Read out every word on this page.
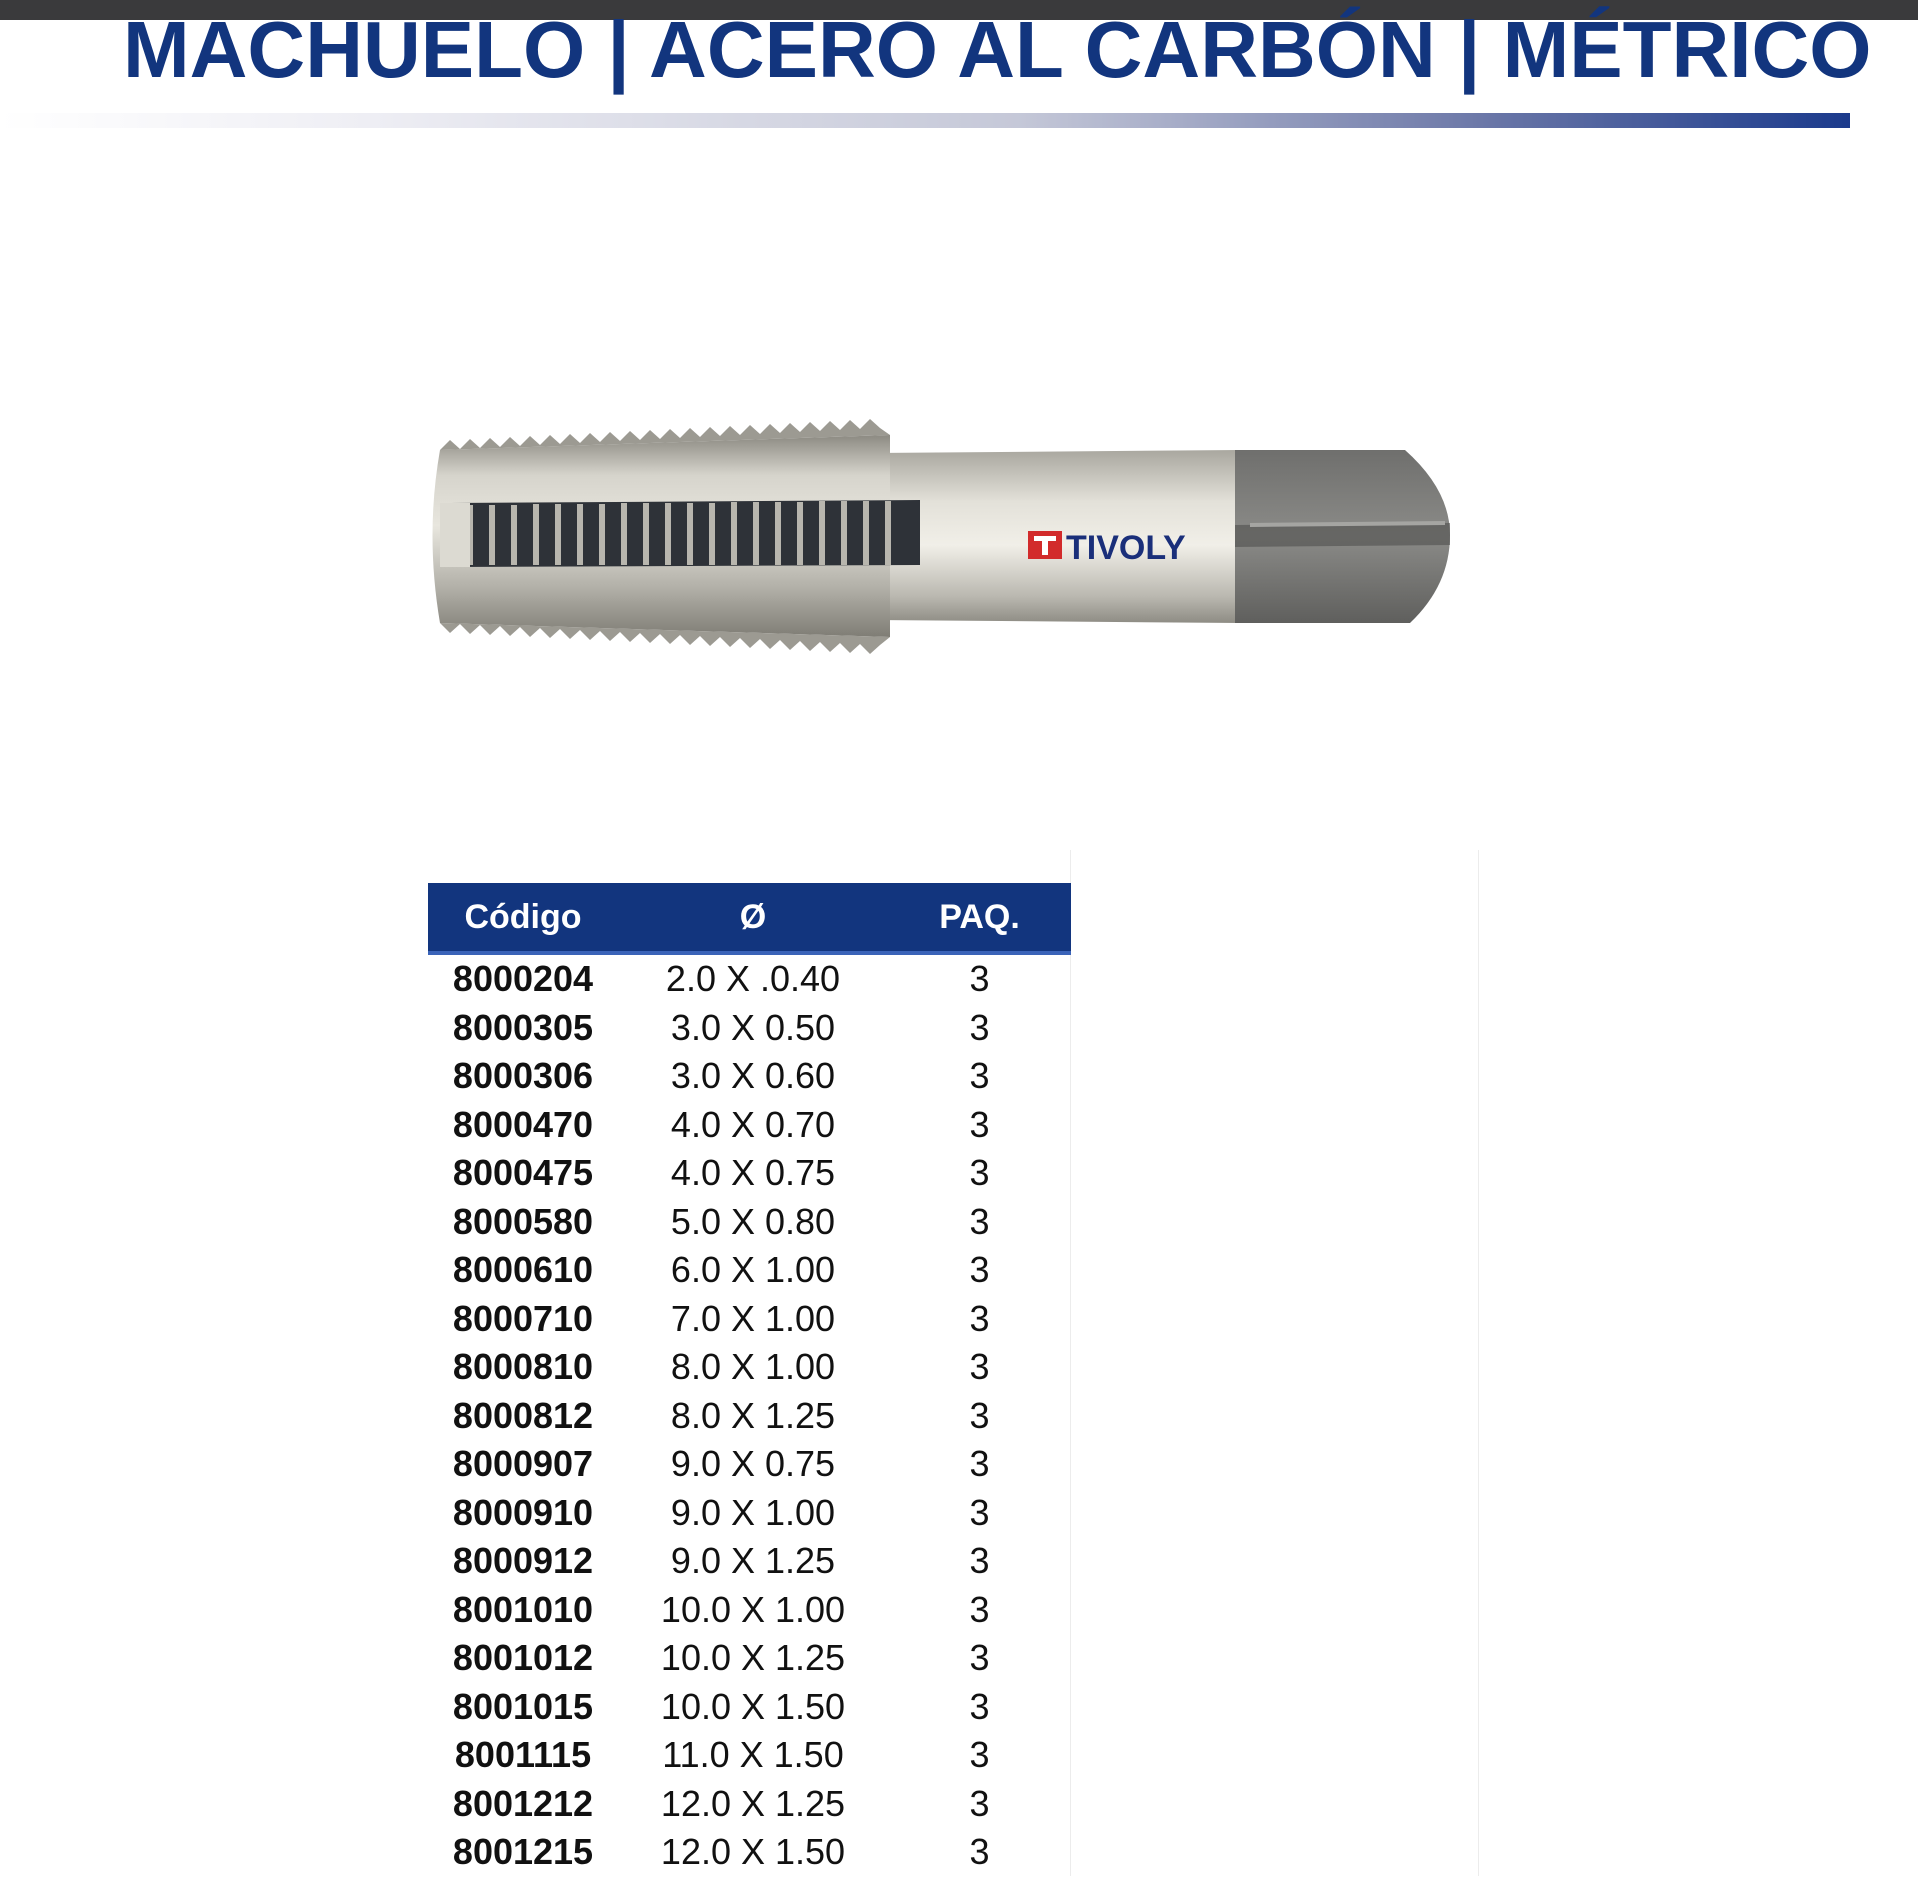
MACHUELO | ACERO AL CARBÓN | MÉTRICO
TIVOLY
Código	Ø	PAQ.
8000204	2.0 X .0.40	3
8000305	3.0 X 0.50	3
8000306	3.0 X 0.60	3
8000470	4.0 X 0.70	3
8000475	4.0 X 0.75	3
8000580	5.0 X 0.80	3
8000610	6.0 X 1.00	3
8000710	7.0 X 1.00	3
8000810	8.0 X 1.00	3
8000812	8.0 X 1.25	3
8000907	9.0 X 0.75	3
8000910	9.0 X 1.00	3
8000912	9.0 X 1.25	3
8001010	10.0 X 1.00	3
8001012	10.0 X 1.25	3
8001015	10.0 X 1.50	3
8001115	11.0 X 1.50	3
8001212	12.0 X 1.25	3
8001215	12.0 X 1.50	3
